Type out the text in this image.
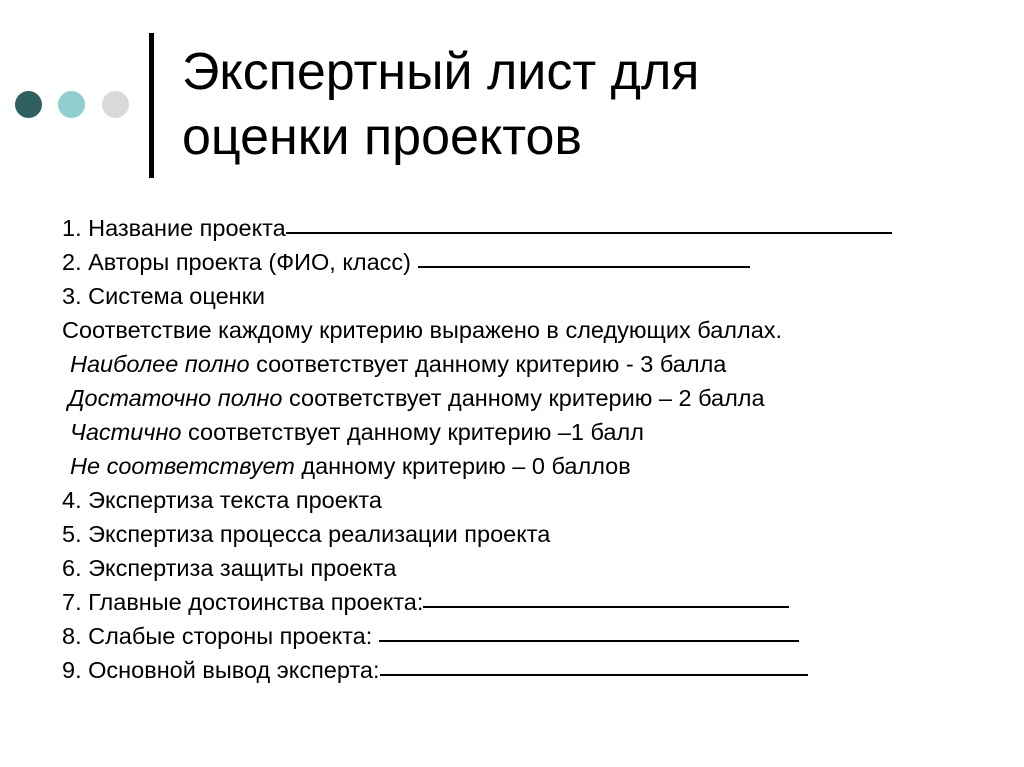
Экспертный лист для
оценки проектов
1. Название проекта
2. Авторы проекта (ФИО, класс)
3. Система оценки
Соответствие каждому критерию выражено в следующих баллах.
Наиболее полно соответствует данному критерию - 3 балла
Достаточно полно соответствует данному критерию – 2 балла
Частично соответствует данному критерию –1 балл
Не соответствует данному критерию – 0 баллов
4. Экспертиза текста проекта
5. Экспертиза процесса реализации проекта
6. Экспертиза защиты проекта
7. Главные достоинства проекта:
8. Слабые стороны проекта:
9. Основной вывод эксперта:
